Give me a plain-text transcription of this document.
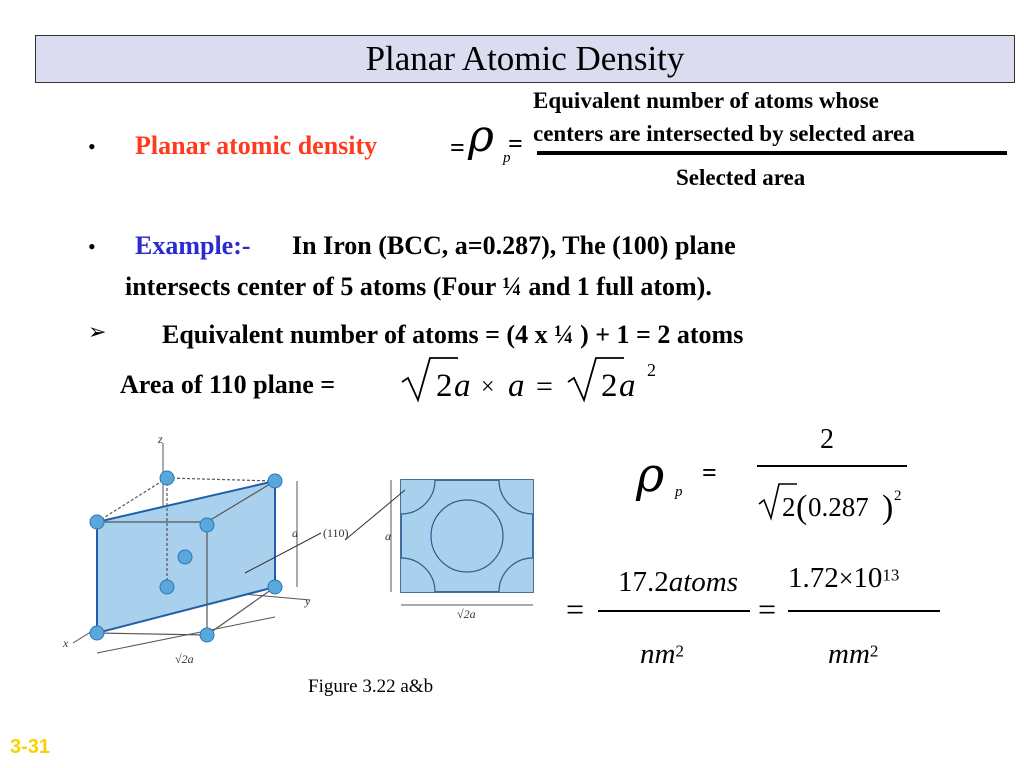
Planar Atomic Density
• Planar atomic density	= ρ p
=
Equivalent number of atoms whose
centers are intersected by selected area
Selected area
• Example:- In Iron (BCC, a=0.287), The (100) plane
intersects center of 5 atoms (Four ¼ and 1 full atom).
➢ Equivalent number of atoms = (4 x ¼ ) + 1 = 2 atoms
Area of 110 plane =	2 a × a = 2 a 2
z
y
x
a
√2a
(110)	a
√2a
Figure 3.22 a&b
ρ p
=
2
2 ( 0.287 ) 2
=
17.2atoms
$nm^2$
=
$1.72\times 10^{13}$
$mm^2$
3-31
